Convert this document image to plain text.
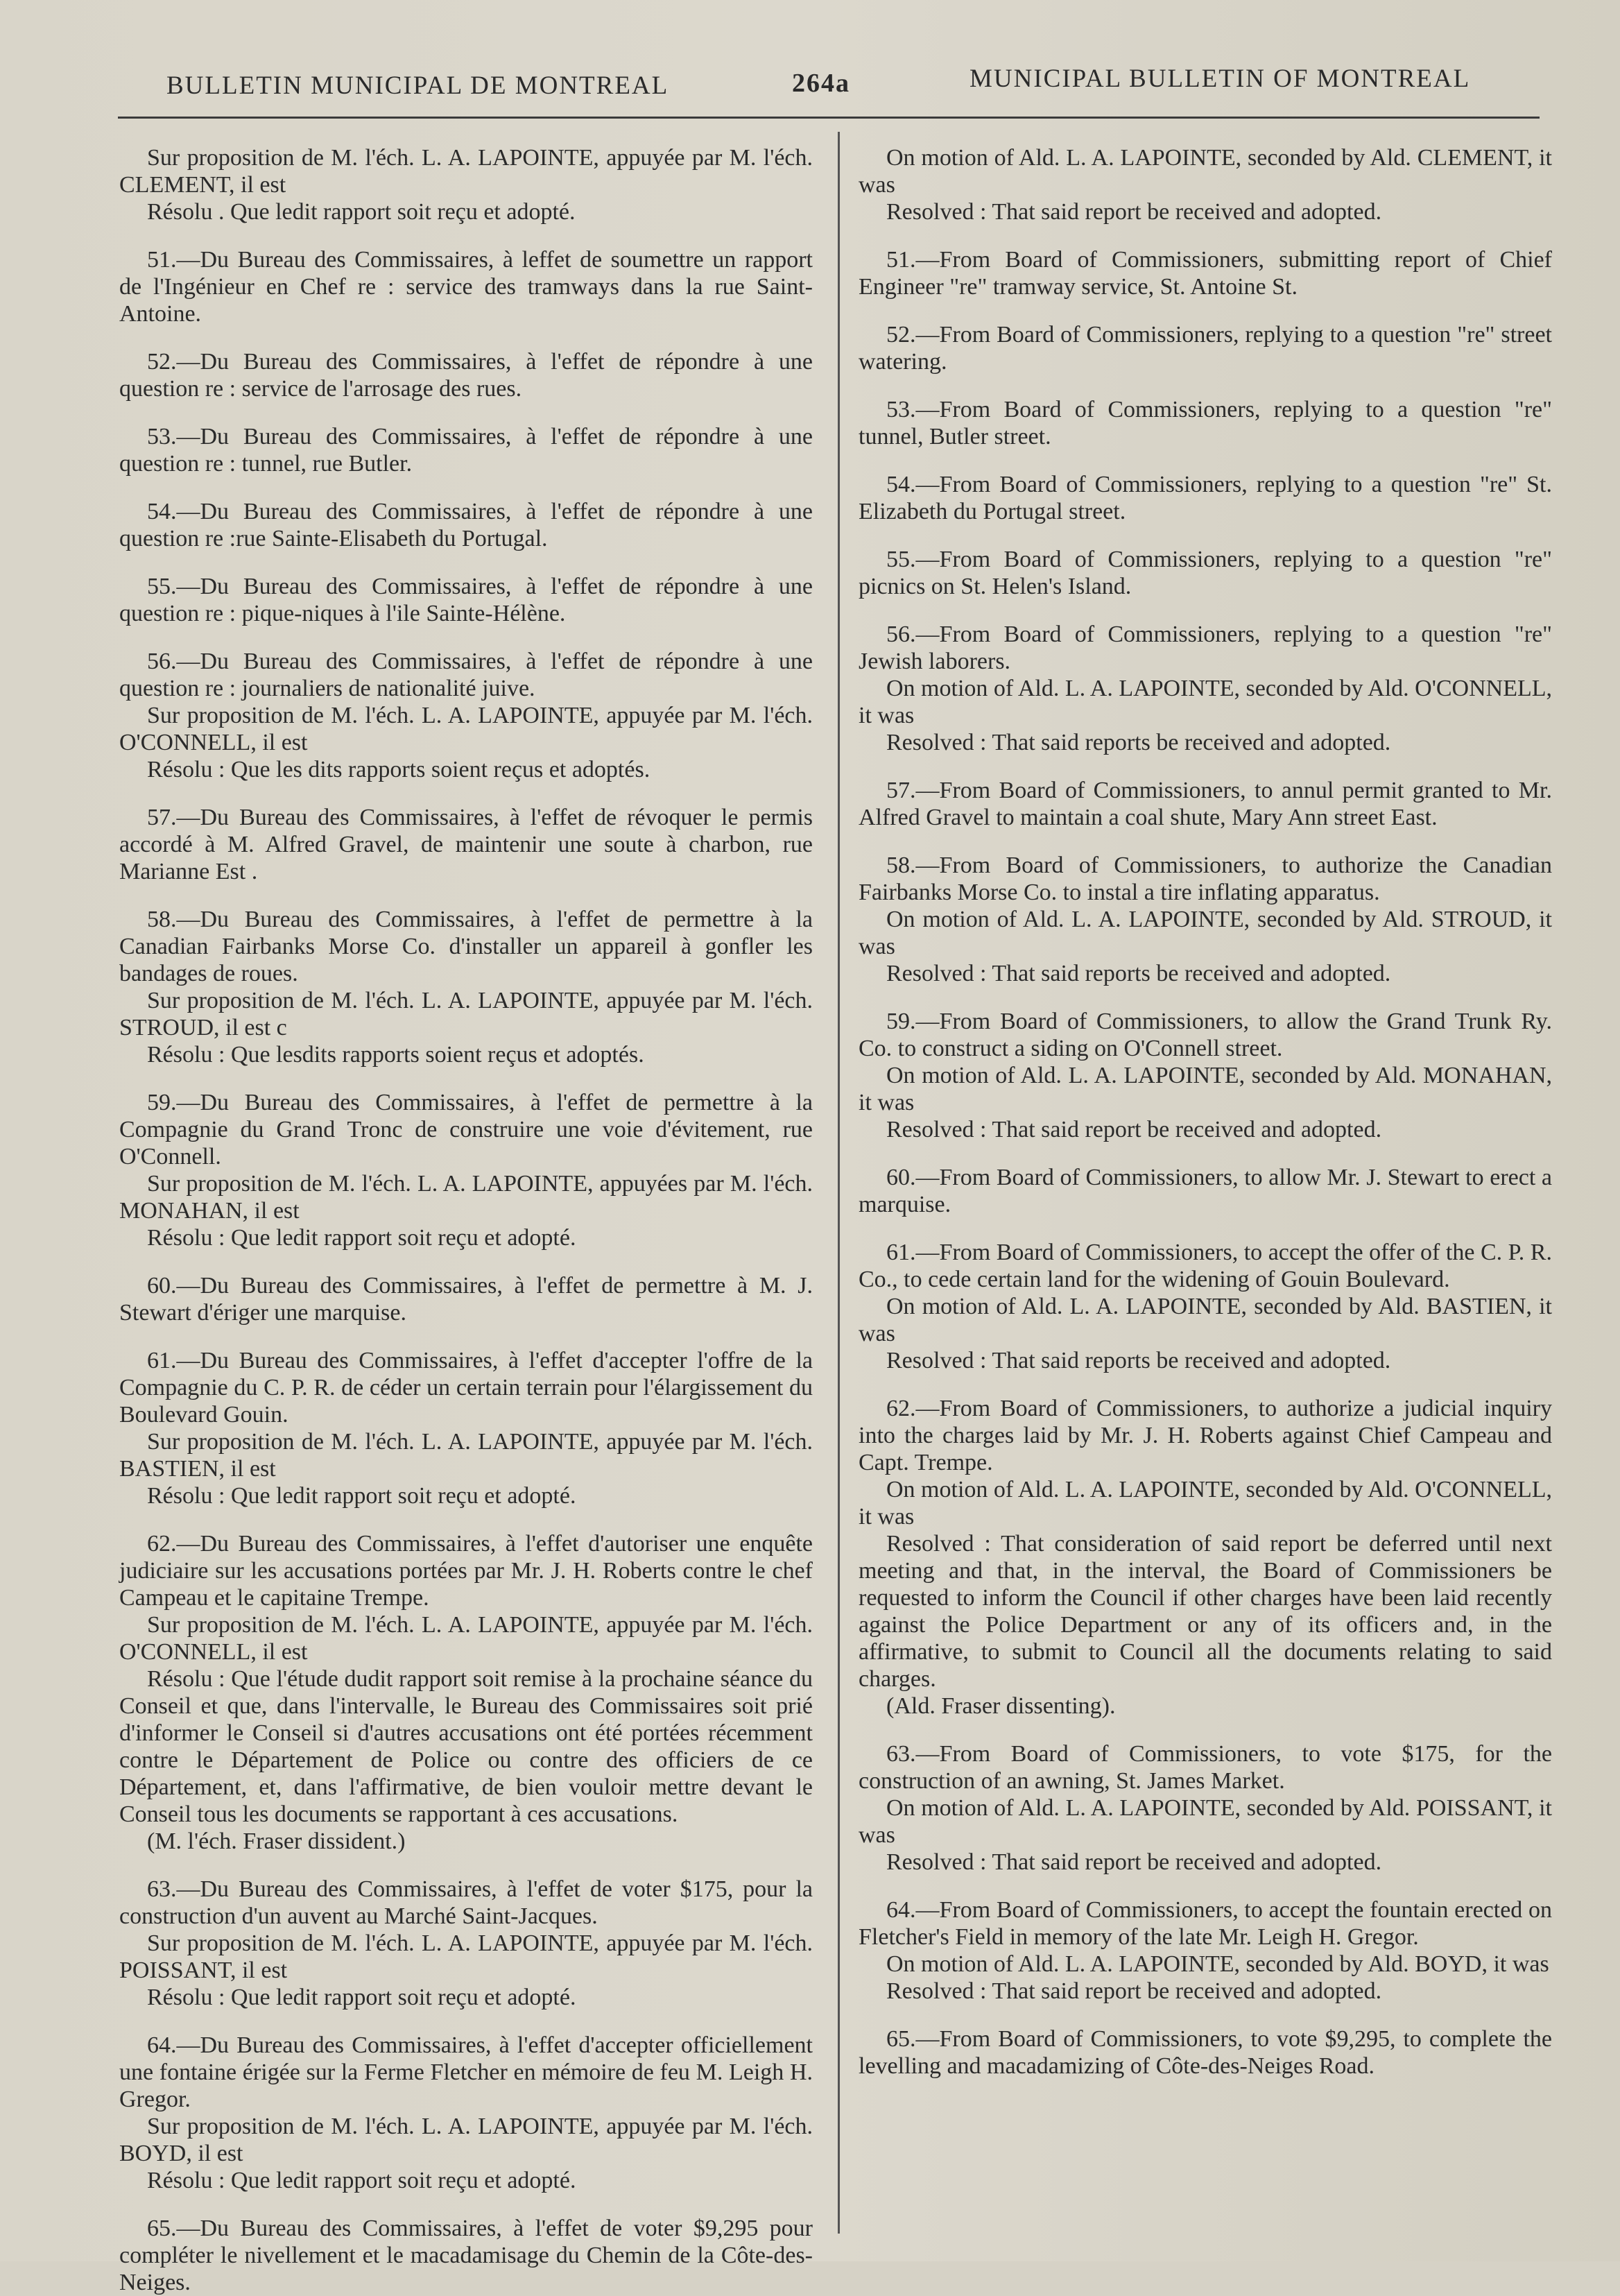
BULLETIN MUNICIPAL DE MONTREAL	264a	MUNICIPAL BULLETIN OF MONTREAL

Sur proposition de M. l'éch. L. A. LAPOINTE, appuyée par M. l'éch. CLEMENT, il est

Résolu . Que ledit rapport soit reçu et adopté.

51.—Du Bureau des Commissaires, à leffet de soumettre un rapport de l'Ingénieur en Chef re : service des tramways dans la rue Saint-Antoine.

52.—Du Bureau des Commissaires, à l'effet de répondre à une question re : service de l'arrosage des rues.

53.—Du Bureau des Commissaires, à l'effet de répondre à une question re : tunnel, rue Butler.

54.—Du Bureau des Commissaires, à l'effet de répondre à une question re :rue Sainte-Elisabeth du Portugal.

55.—Du Bureau des Commissaires, à l'effet de répondre à une question re : pique-niques à l'ile Sainte-Hélène.

56.—Du Bureau des Commissaires, à l'effet de répondre à une question re : journaliers de nationalité juive.

Sur proposition de M. l'éch. L. A. LAPOINTE, appuyée par M. l'éch. O'CONNELL, il est

Résolu : Que les dits rapports soient reçus et adoptés.

57.—Du Bureau des Commissaires, à l'effet de révoquer le permis accordé à M. Alfred Gravel, de maintenir une soute à charbon, rue Marianne Est .

58.—Du Bureau des Commissaires, à l'effet de permettre à la Canadian Fairbanks Morse Co. d'installer un appareil à gonfler les bandages de roues.

Sur proposition de M. l'éch. L. A. LAPOINTE, appuyée par M. l'éch. STROUD, il est c

Résolu : Que lesdits rapports soient reçus et adoptés.

59.—Du Bureau des Commissaires, à l'effet de permettre à la Compagnie du Grand Tronc de construire une voie d'évitement, rue O'Connell.

Sur proposition de M. l'éch. L. A. LAPOINTE, appuyées par M. l'éch. MONAHAN, il est

Résolu : Que ledit rapport soit reçu et adopté.

60.—Du Bureau des Commissaires, à l'effet de permettre à M. J. Stewart d'ériger une marquise.

61.—Du Bureau des Commissaires, à l'effet d'accepter l'offre de la Compagnie du C. P. R. de céder un certain terrain pour l'élargissement du Boulevard Gouin.

Sur proposition de M. l'éch. L. A. LAPOINTE, appuyée par M. l'éch. BASTIEN, il est

Résolu : Que ledit rapport soit reçu et adopté.

62.—Du Bureau des Commissaires, à l'effet d'autoriser une enquête judiciaire sur les accusations portées par Mr. J. H. Roberts contre le chef Campeau et le capitaine Trempe.

Sur proposition de M. l'éch. L. A. LAPOINTE, appuyée par M. l'éch. O'CONNELL, il est

Résolu : Que l'étude dudit rapport soit remise à la prochaine séance du Conseil et que, dans l'intervalle, le Bureau des Commissaires soit prié d'informer le Conseil si d'autres accusations ont été portées récemment contre le Département de Police ou contre des officiers de ce Département, et, dans l'affirmative, de bien vouloir mettre devant le Conseil tous les documents se rapportant à ces accusations.

(M. l'éch. Fraser dissident.)

63.—Du Bureau des Commissaires, à l'effet de voter $175, pour la construction d'un auvent au Marché Saint-Jacques.

Sur proposition de M. l'éch. L. A. LAPOINTE, appuyée par M. l'éch. POISSANT, il est

Résolu : Que ledit rapport soit reçu et adopté.

64.—Du Bureau des Commissaires, à l'effet d'accepter officiellement une fontaine érigée sur la Ferme Fletcher en mémoire de feu M. Leigh H. Gregor.

Sur proposition de M. l'éch. L. A. LAPOINTE, appuyée par M. l'éch. BOYD, il est

Résolu : Que ledit rapport soit reçu et adopté.

65.—Du Bureau des Commissaires, à l'effet de voter $9,295 pour compléter le nivellement et le macadamisage du Chemin de la Côte-des-Neiges.

On motion of Ald. L. A. LAPOINTE, seconded by Ald. CLEMENT, it was

Resolved : That said report be received and adopted.

51.—From Board of Commissioners, submitting report of Chief Engineer "re" tramway service, St. Antoine St.

52.—From Board of Commissioners, replying to a question "re" street watering.

53.—From Board of Commissioners, replying to a question "re" tunnel, Butler street.

54.—From Board of Commissioners, replying to a question "re" St. Elizabeth du Portugal street.

55.—From Board of Commissioners, replying to a question "re" picnics on St. Helen's Island.

56.—From Board of Commissioners, replying to a question "re" Jewish laborers.

On motion of Ald. L. A. LAPOINTE, seconded by Ald. O'CONNELL, it was

Resolved : That said reports be received and adopted.

57.—From Board of Commissioners, to annul permit granted to Mr. Alfred Gravel to maintain a coal shute, Mary Ann street East.

58.—From Board of Commissioners, to authorize the Canadian Fairbanks Morse Co. to instal a tire inflating apparatus.

On motion of Ald. L. A. LAPOINTE, seconded by Ald. STROUD, it was

Resolved : That said reports be received and adopted.

59.—From Board of Commissioners, to allow the Grand Trunk Ry. Co. to construct a siding on O'Connell street.

On motion of Ald. L. A. LAPOINTE, seconded by Ald. MONAHAN, it was

Resolved : That said report be received and adopted.

60.—From Board of Commissioners, to allow Mr. J. Stewart to erect a marquise.

61.—From Board of Commissioners, to accept the offer of the C. P. R. Co., to cede certain land for the widening of Gouin Boulevard.

On motion of Ald. L. A. LAPOINTE, seconded by Ald. BASTIEN, it was

Resolved : That said reports be received and adopted.

62.—From Board of Commissioners, to authorize a judicial inquiry into the charges laid by Mr. J. H. Roberts against Chief Campeau and Capt. Trempe.

On motion of Ald. L. A. LAPOINTE, seconded by Ald. O'CONNELL, it was

Resolved : That consideration of said report be deferred until next meeting and that, in the interval, the Board of Commissioners be requested to inform the Council if other charges have been laid recently against the Police Department or any of its officers and, in the affirmative, to submit to Council all the documents relating to said charges.

(Ald. Fraser dissenting).

63.—From Board of Commissioners, to vote $175, for the construction of an awning, St. James Market.

On motion of Ald. L. A. LAPOINTE, seconded by Ald. POISSANT, it was

Resolved : That said report be received and adopted.

64.—From Board of Commissioners, to accept the fountain erected on Fletcher's Field in memory of the late Mr. Leigh H. Gregor.

On motion of Ald. L. A. LAPOINTE, seconded by Ald. BOYD, it was

Resolved : That said report be received and adopted.

65.—From Board of Commissioners, to vote $9,295, to complete the levelling and macadamizing of Côte-des-Neiges Road.
